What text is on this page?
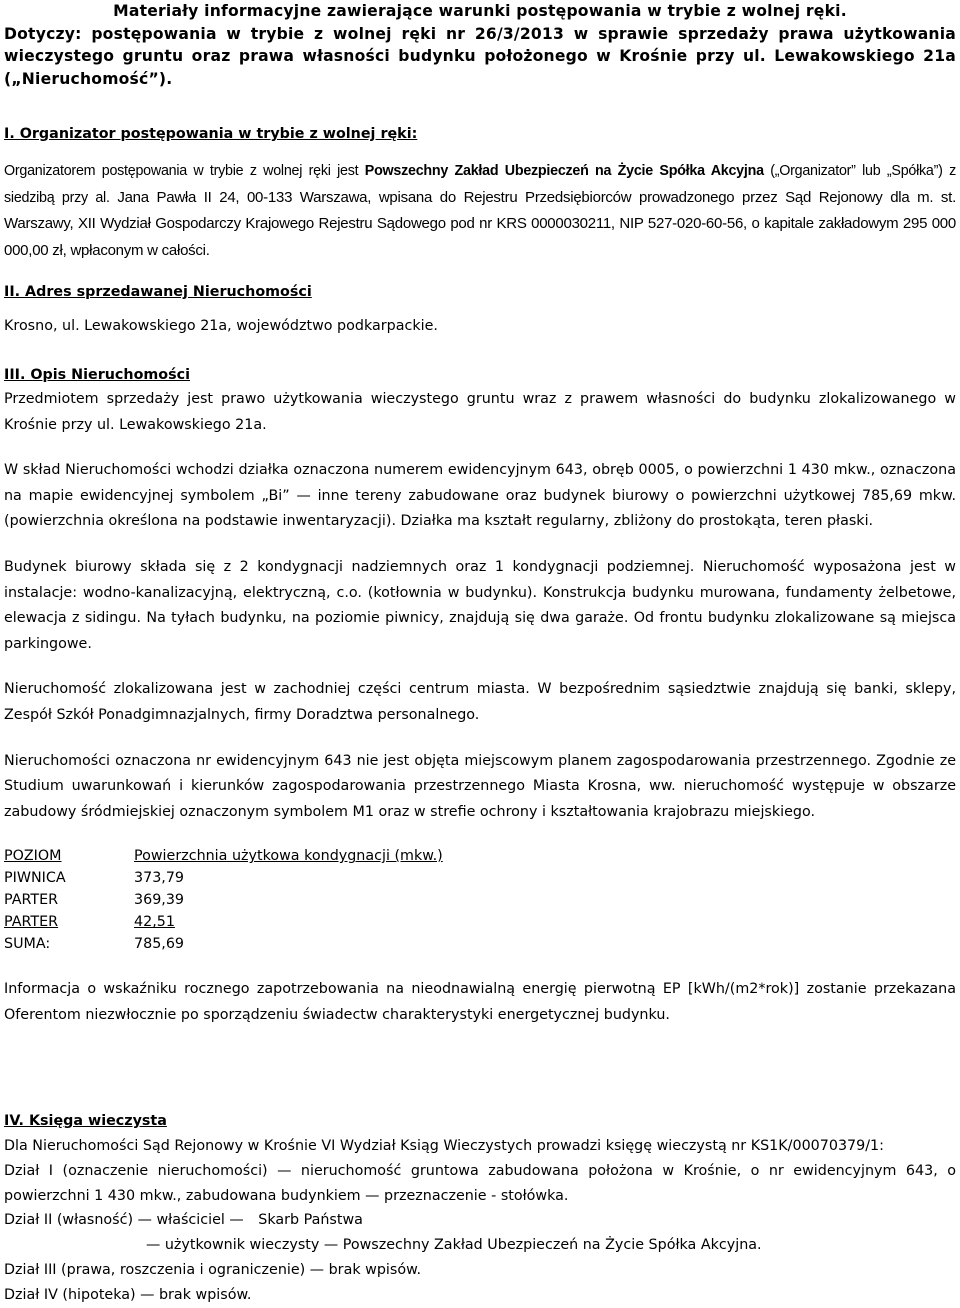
Materiały informacyjne zawierające warunki postępowania w trybie z wolnej ręki.
Dotyczy: postępowania w trybie z wolnej ręki nr 26/3/2013 w sprawie sprzedaży prawa użytkowania wieczystego gruntu oraz prawa własności budynku położonego w Krośnie przy ul. Lewakowskiego 21a („Nieruchomość”).
I. Organizator postępowania w trybie z wolnej ręki:

Organizatorem postępowania w trybie z wolnej ręki jest Powszechny Zakład Ubezpieczeń na Życie Spółka Akcyjna („Organizator” lub „Spółka”) z siedzibą przy al. Jana Pawła II 24, 00-133 Warszawa, wpisana do Rejestru Przedsiębiorców prowadzonego przez Sąd Rejonowy dla m. st. Warszawy, XII Wydział Gospodarczy Krajowego Rejestru Sądowego pod nr KRS 0000030211, NIP 527-020-60-56, o kapitale zakładowym 295 000 000,00 zł, wpłaconym w całości.

II. Adres sprzedawanej Nieruchomości

Krosno, ul. Lewakowskiego 21a, województwo podkarpackie.

III. Opis Nieruchomości

Przedmiotem sprzedaży jest prawo użytkowania wieczystego gruntu wraz z prawem własności do budynku zlokalizowanego w Krośnie przy ul. Lewakowskiego 21a.

W skład Nieruchomości wchodzi działka oznaczona numerem ewidencyjnym 643, obręb 0005, o powierzchni 1 430 mkw., oznaczona na mapie ewidencyjnej symbolem „Bi” — inne tereny zabudowane oraz budynek biurowy o powierzchni użytkowej 785,69 mkw. (powierzchnia określona na podstawie inwentaryzacji). Działka ma kształt regularny, zbliżony do prostokąta, teren płaski.

Budynek biurowy składa się z 2 kondygnacji nadziemnych oraz 1 kondygnacji podziemnej. Nieruchomość wyposażona jest w instalacje: wodno-kanalizacyjną, elektryczną, c.o. (kotłownia w budynku). Konstrukcja budynku murowana, fundamenty żelbetowe, elewacja z sidingu. Na tyłach budynku, na poziomie piwnicy, znajdują się dwa garaże. Od frontu budynku zlokalizowane są miejsca parkingowe.

Nieruchomość zlokalizowana jest w zachodniej części centrum miasta. W bezpośrednim sąsiedztwie znajdują się banki, sklepy, Zespół Szkół Ponadgimnazjalnych, firmy Doradztwa personalnego.

Nieruchomości oznaczona nr ewidencyjnym 643 nie jest objęta miejscowym planem zagospodarowania przestrzennego. Zgodnie ze Studium uwarunkowań i kierunków zagospodarowania przestrzennego Miasta Krosna, ww. nieruchomość występuje w obszarze zabudowy śródmiejskiej oznaczonym symbolem M1 oraz w strefie ochrony i kształtowania krajobrazu miejskiego.

POZIOM	Powierzchnia użytkowa kondygnacji (mkw.)
PIWNICA	373,79
PARTER	369,39
PARTER	42,51
SUMA:	785,69

Informacja o wskaźniku rocznego zapotrzebowania na nieodnawialną energię pierwotną EP [kWh/(m2*rok)] zostanie przekazana Oferentom niezwłocznie po sporządzeniu świadectw charakterystyki energetycznej budynku.

IV. Księga wieczysta

Dla Nieruchomości Sąd Rejonowy w Krośnie VI Wydział Ksiąg Wieczystych prowadzi księgę wieczystą nr KS1K/00070379/1:

Dział I (oznaczenie nieruchomości) — nieruchomość gruntowa zabudowana położona w Krośnie, o nr ewidencyjnym 643, o powierzchni 1 430 mkw., zabudowana budynkiem — przeznaczenie - stołówka.

Dział II (własność) — właściciel — Skarb Państwa

— użytkownik wieczysty — Powszechny Zakład Ubezpieczeń na Życie Spółka Akcyjna.

Dział III (prawa, roszczenia i ograniczenie) — brak wpisów.

Dział IV (hipoteka) — brak wpisów.
